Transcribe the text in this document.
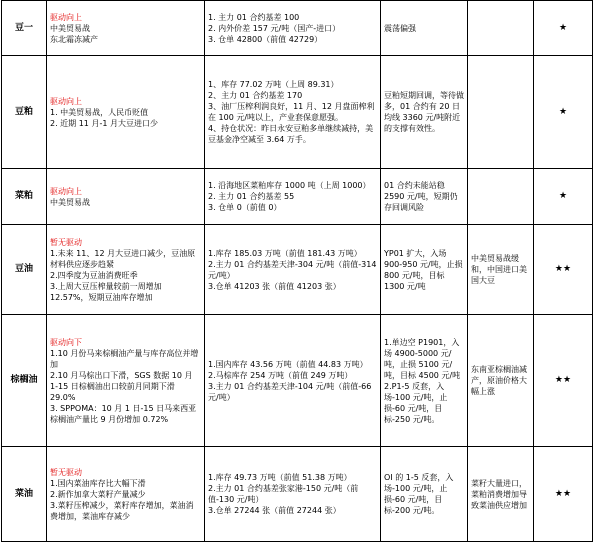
豆一	驱动向上
中美贸易战
东北霜冻减产	1. 主力 01 合约基差 100
2. 内外价差 157 元/吨（国产-进口）
3. 仓单 42800（前值 42729）	震荡偏强		★
豆粕	驱动向上
1. 中美贸易战，人民币贬值
2. 近期 11 月-1 月大豆进口少	1、库存 77.02 万吨（上周 89.31）
2、主力 01 合约基差 170
3、油厂压榨利润良好，11 月、12 月盘面榨利在 100 元/吨以上，产业套保意愿强。
4、持仓状况：昨日永安豆粕多单继续减持，美豆基金净空减至 3.64 万手。	豆粕短期回调，等待做多，01 合约有 20 日均线 3360 元/吨附近的支撑有效性。		★
菜粕	驱动向上
中美贸易战	1. 沿海地区菜粕库存 1000 吨（上周 1000）
2. 主力 01 合约基差 55
3. 仓单 0（前值 0）	01 合约未能站稳 2590 元/吨，短期仍存回调风险		★
豆油	暂无驱动
1.未来 11、12 月大豆进口减少，豆油原材料供应逐步趋紧
2.四季度为豆油消费旺季
3.上周大豆压榨量较前一周增加 12.57%，短期豆油库存增加	1.库存 185.03 万吨（前值 181.43 万吨）
2.主力 01 合约基差天津-304 元/吨（前值-314 元/吨）
3.仓单 41203 张（前值 41203 张）	YP01 扩大，入场 900-950 元/吨，止损 800 元/吨，目标 1300 元/吨	中美贸易战缓和，中国进口美国大豆	★★
棕榈油	驱动向下
1.10 月份马来棕榈油产量与库存高位并增加
2.10 月马棕出口下滑，SGS 数据 10 月 1-15 日棕榈油出口较前月同期下滑 29.0%
3. SPPOMA：10 月 1 日-15 日马来西亚棕榈油产量比 9 月份增加 0.72%	1.国内库存 43.56 万吨（前值 44.83 万吨）
2.马棕库存 254 万吨（前值 249 万吨）
3.主力 01 合约基差天津-104 元/吨（前值-66 元/吨）	1.单边空 P1901，入场 4900-5000 元/吨，止损 5100 元/吨，目标 4500 元/吨
2.P1-5 反套，入场-100 元/吨，止损-60 元/吨，目标-250 元/吨。	东南亚棕榈油减产，原油价格大幅上涨	★★
菜油	暂无驱动
1.国内菜油库存比大幅下滑
2.新作加拿大菜籽产量减少
3.菜籽压榨减少，菜籽库存增加，菜油消费增加，菜油库存减少	1.库存 49.73 万吨（前值 51.38 万吨）
2.主力 01 合约基差张家港-150 元/吨（前值-130 元/吨）
3.仓单 27244 张（前值 27244 张）	OI 的 1-5 反套，入场-100 元/吨，止损-60 元/吨，目标-200 元/吨。	菜籽大量进口，菜粕消费增加导致菜油供应增加	★★
